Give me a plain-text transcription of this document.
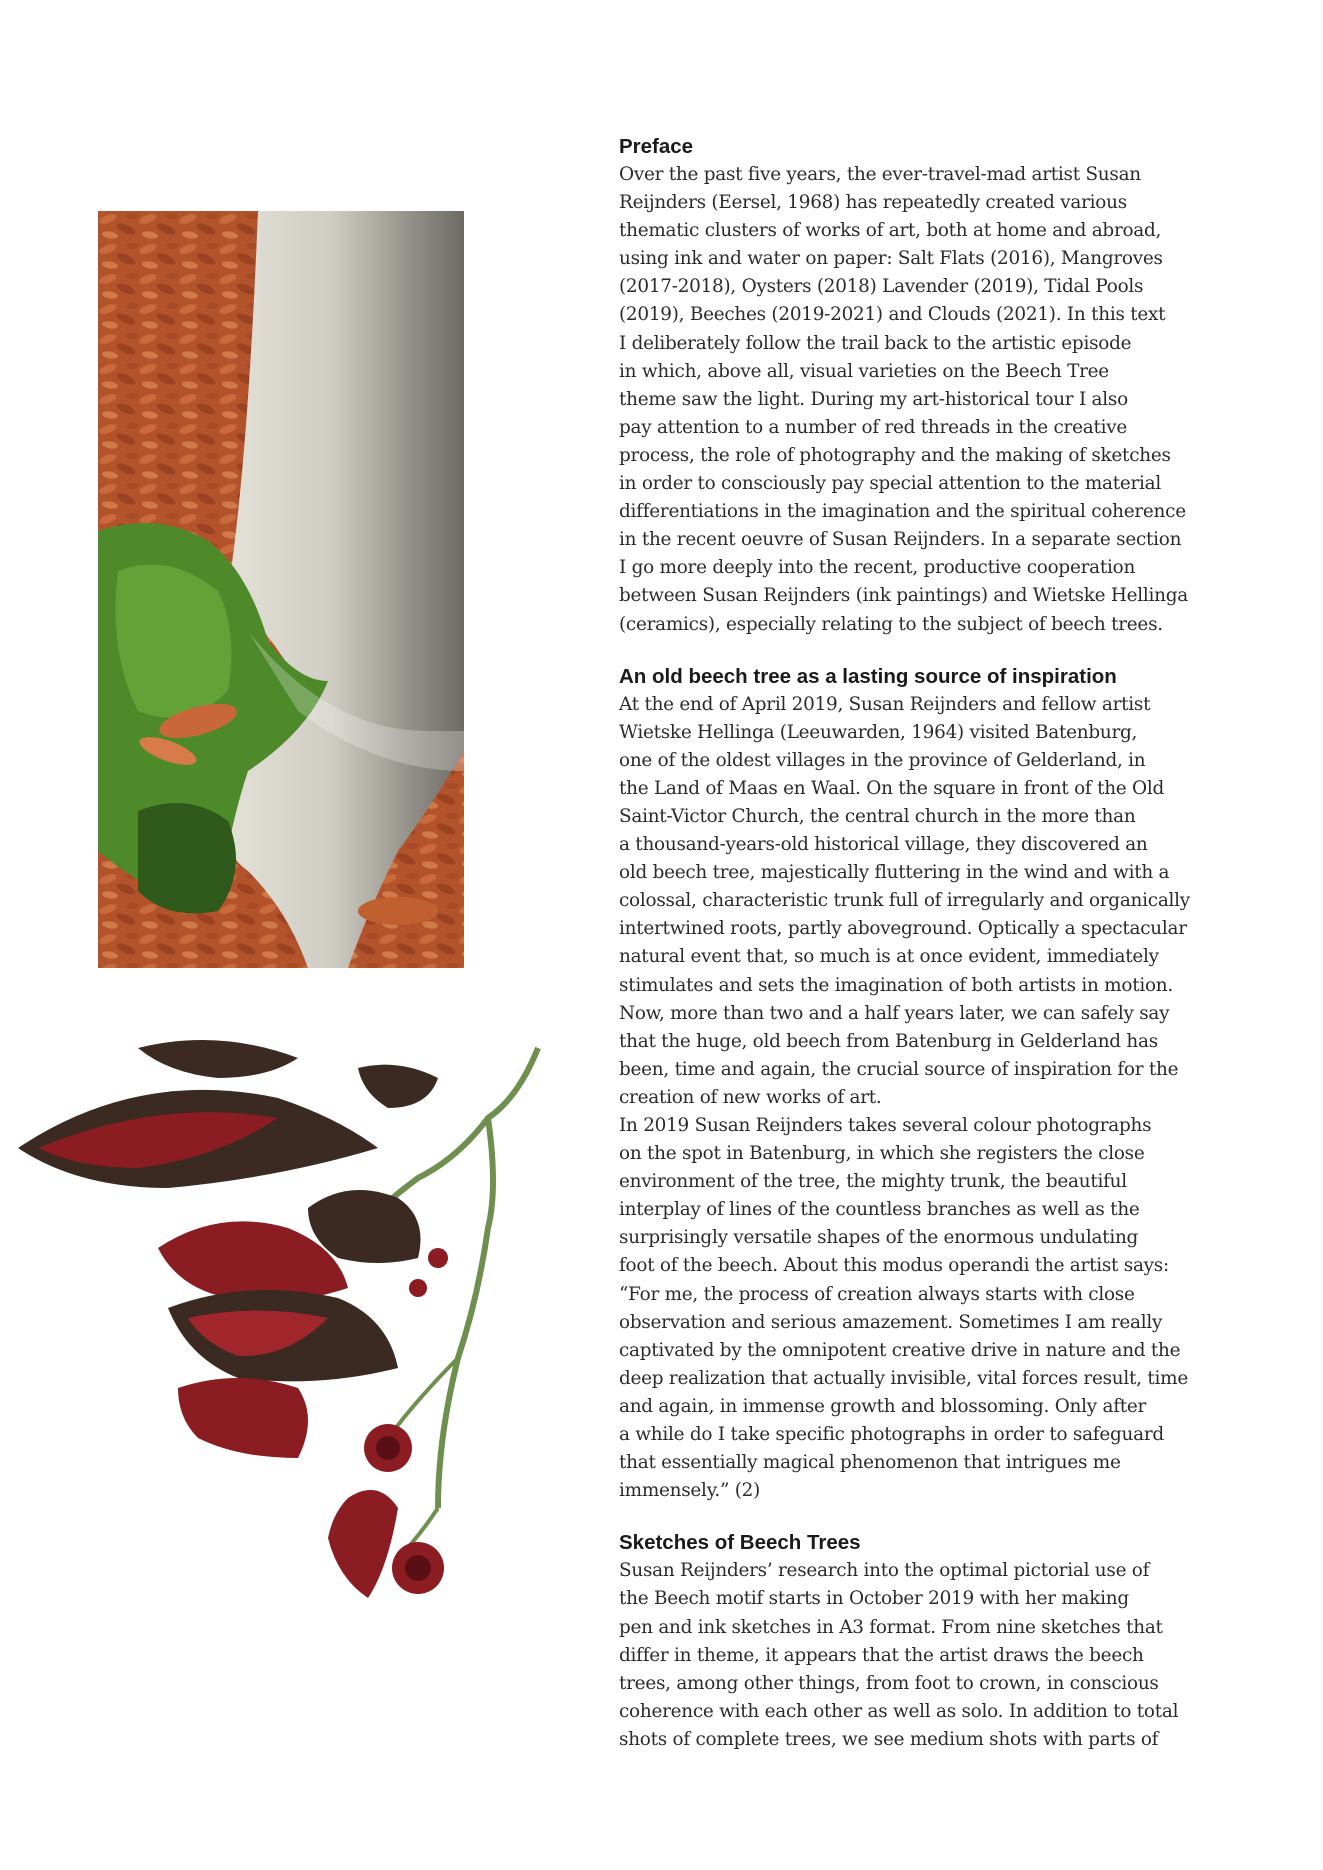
Preface
Over the past five years, the ever-travel-mad artist Susan
Reijnders (Eersel, 1968) has repeatedly created various
thematic clusters of works of art, both at home and abroad,
using ink and water on paper: Salt Flats (2016), Mangroves
(2017-2018), Oysters (2018) Lavender (2019), Tidal Pools
(2019), Beeches (2019-2021) and Clouds (2021). In this text
I deliberately follow the trail back to the artistic episode
in which, above all, visual varieties on the Beech Tree
theme saw the light. During my art-historical tour I also
pay attention to a number of red threads in the creative
process, the role of photography and the making of sketches
in order to consciously pay special attention to the material
differentiations in the imagination and the spiritual coherence
in the recent oeuvre of Susan Reijnders. In a separate section
I go more deeply into the recent, productive cooperation
between Susan Reijnders (ink paintings) and Wietske Hellinga
(ceramics), especially relating to the subject of beech trees.
An old beech tree as a lasting source of inspiration
At the end of April 2019, Susan Reijnders and fellow artist
Wietske Hellinga (Leeuwarden, 1964) visited Batenburg,
one of the oldest villages in the province of Gelderland, in
the Land of Maas en Waal. On the square in front of the Old
Saint-Victor Church, the central church in the more than
a thousand-years-old historical village, they discovered an
old beech tree, majestically fluttering in the wind and with a
colossal, characteristic trunk full of irregularly and organically
intertwined roots, partly aboveground. Optically a spectacular
natural event that, so much is at once evident, immediately
stimulates and sets the imagination of both artists in motion.
Now, more than two and a half years later, we can safely say
that the huge, old beech from Batenburg in Gelderland has
been, time and again, the crucial source of inspiration for the
creation of new works of art.
In 2019 Susan Reijnders takes several colour photographs
on the spot in Batenburg, in which she registers the close
environment of the tree, the mighty trunk, the beautiful
interplay of lines of the countless branches as well as the
surprisingly versatile shapes of the enormous undulating
foot of the beech. About this modus operandi the artist says:
“For me, the process of creation always starts with close
observation and serious amazement. Sometimes I am really
captivated by the omnipotent creative drive in nature and the
deep realization that actually invisible, vital forces result, time
and again, in immense growth and blossoming. Only after
a while do I take specific photographs in order to safeguard
that essentially magical phenomenon that intrigues me
immensely.” (2)
Sketches of Beech Trees
Susan Reijnders’ research into the optimal pictorial use of
the Beech motif starts in October 2019 with her making
pen and ink sketches in A3 format. From nine sketches that
differ in theme, it appears that the artist draws the beech
trees, among other things, from foot to crown, in conscious
coherence with each other as well as solo. In addition to total
shots of complete trees, we see medium shots with parts of
